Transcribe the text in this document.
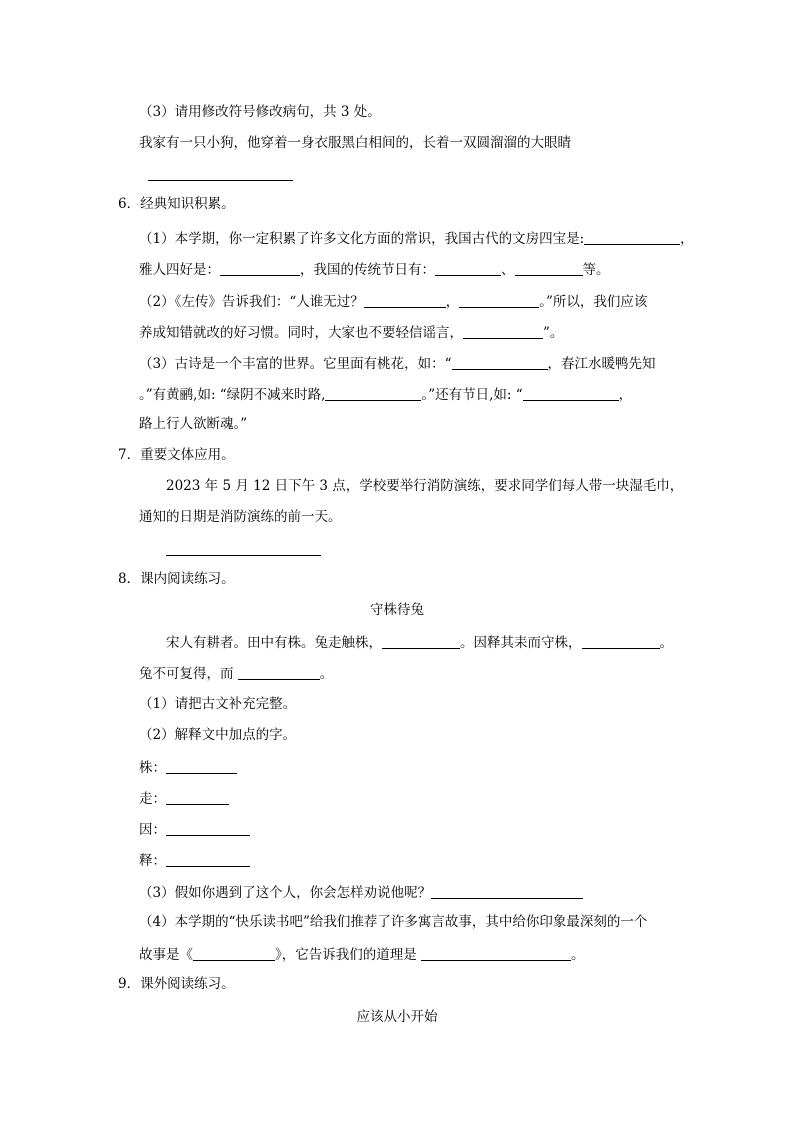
（3）请用修改符号修改病句，共 3 处。
我家有一只小狗，他穿着一身衣服黑白相间的，长着一双圆溜溜的大眼睛
6．经典知识积累。
（1）本学期，你一定积累了许多文化方面的常识，我国古代的文房四宝是:	，
雅人四好是：	，我国的传统节日有：	、	等。
（2）《左传》告诉我们：“人谁无过？	，	。”所以，我们应该
养成知错就改的好习惯。同时，大家也不要轻信谣言，	”。
（3）古诗是一个丰富的世界。它里面有桃花，如：“	，春江水暖鸭先知
。”有黄鹂,如: “绿阴不减来时路,	。”还有节日,如: “	，
路上行人欲断魂。”
7．重要文体应用。
2023 年 5 月 12 日下午 3 点，学校要举行消防演练，要求同学们每人带一块湿毛巾，
通知的日期是消防演练的前一天。
8．课内阅读练习。
守株待兔
宋人有耕者。田中有株。兔走触株，	。因释其耒而守株，	。
兔不可复得，而	。
（1）请把古文补充完整。
（2）解释文中加点的字。
株：
走：
因：
释：
（3）假如你遇到了这个人，你会怎样劝说他呢？
（4）本学期的“快乐读书吧”给我们推荐了许多寓言故事，其中给你印象最深刻的一个
故事是《	》，它告诉我们的道理是	。
9．课外阅读练习。
应该从小开始
